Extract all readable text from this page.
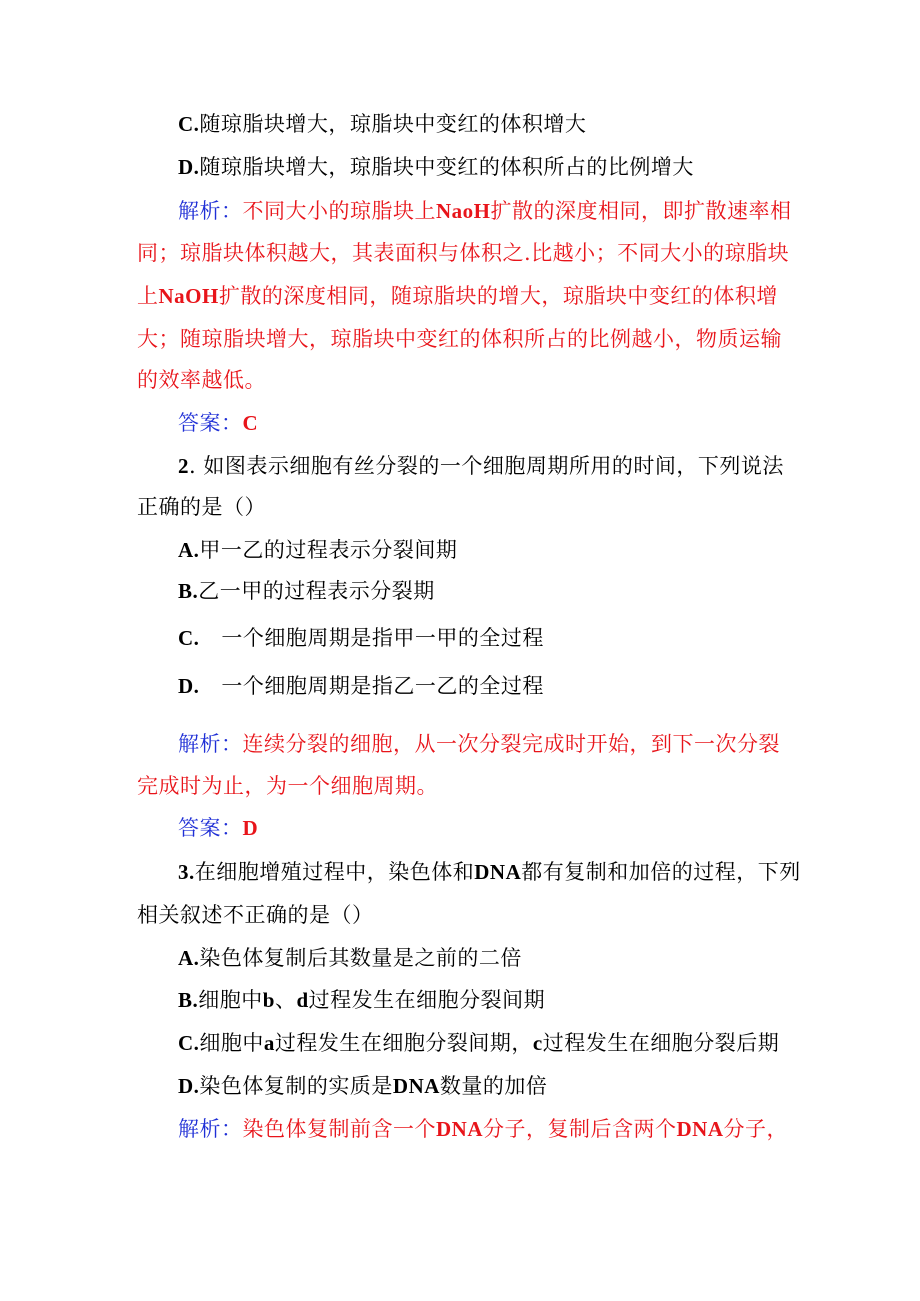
C.随琼脂块增大，琼脂块中变红的体积增大
D.随琼脂块增大，琼脂块中变红的体积所占的比例增大
解析：不同大小的琼脂块上NaoH扩散的深度相同，即扩散速率相
同；琼脂块体积越大，其表面积与体积之.比越小；不同大小的琼脂块
上NaOH扩散的深度相同，随琼脂块的增大，琼脂块中变红的体积增
大；随琼脂块增大，琼脂块中变红的体积所占的比例越小，物质运输
的效率越低。
答案：C
2. 如图表示细胞有丝分裂的一个细胞周期所用的时间，下列说法
正确的是（）
A.甲一乙的过程表示分裂间期
B.乙一甲的过程表示分裂期
C. 一个细胞周期是指甲一甲的全过程
D. 一个细胞周期是指乙一乙的全过程
解析：连续分裂的细胞，从一次分裂完成时开始，到下一次分裂
完成时为止，为一个细胞周期。
答案：D
3.在细胞增殖过程中，染色体和DNA都有复制和加倍的过程，下列
相关叙述不正确的是（）
A.染色体复制后其数量是之前的二倍
B.细胞中b、d过程发生在细胞分裂间期
C.细胞中a过程发生在细胞分裂间期，c过程发生在细胞分裂后期
D.染色体复制的实质是DNA数量的加倍
解析：染色体复制前含一个DNA分子，复制后含两个DNA分子，
